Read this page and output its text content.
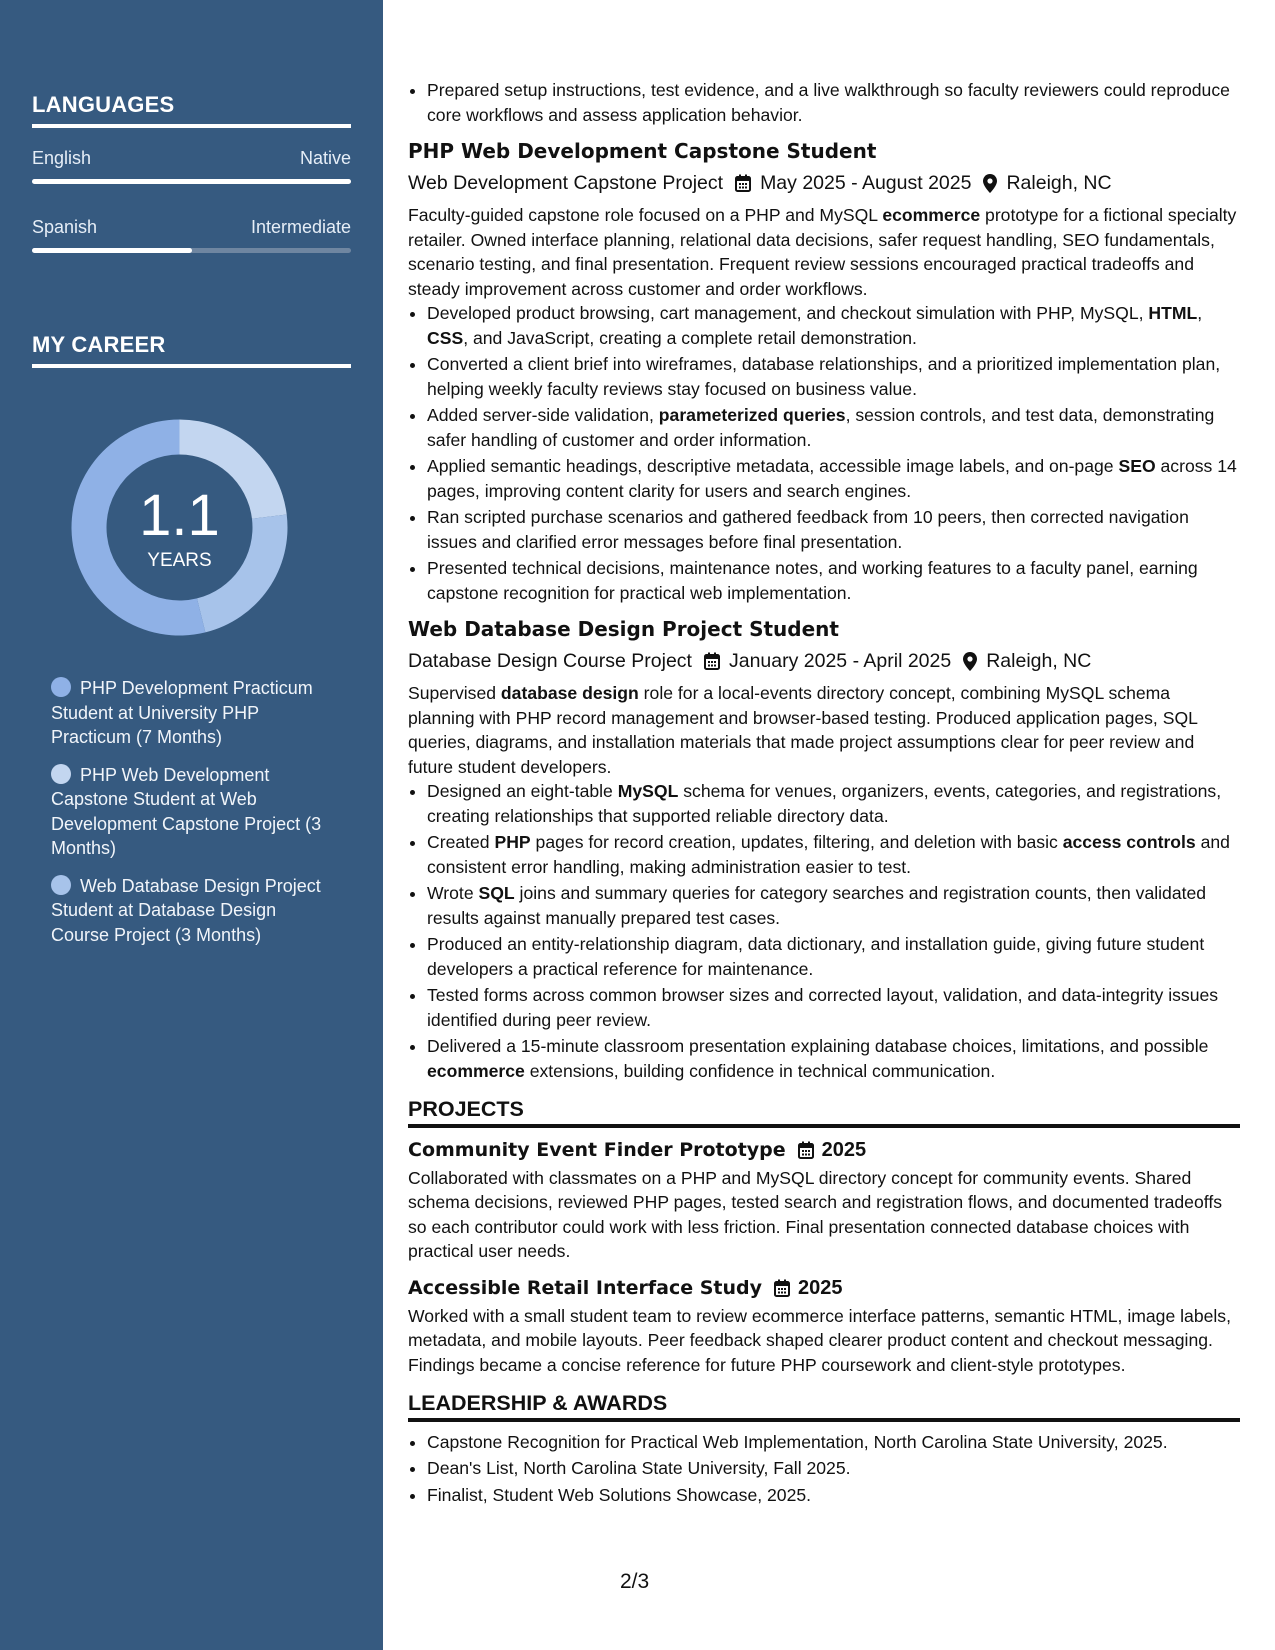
LANGUAGES
English	Native
Spanish	Intermediate
MY CAREER
1.1
YEARS
PHP Development Practicum Student at University PHP Practicum (7 Months)
PHP Web Development Capstone Student at Web Development Capstone Project (3 Months)
Web Database Design Project Student at Database Design Course Project (3 Months)
• Prepared setup instructions, test evidence, and a live walkthrough so faculty reviewers could reproduce core workflows and assess application behavior.
PHP Web Development Capstone Student
Web Development Capstone Project May 2025 - August 2025 Raleigh, NC

Faculty-guided capstone role focused on a PHP and MySQL ecommerce prototype for a fictional specialty retailer. Owned interface planning, relational data decisions, safer request handling, SEO fundamentals, scenario testing, and final presentation. Frequent review sessions encouraged practical tradeoffs and steady improvement across customer and order workflows.

• Developed product browsing, cart management, and checkout simulation with PHP, MySQL, HTML, CSS, and JavaScript, creating a complete retail demonstration.
• Converted a client brief into wireframes, database relationships, and a prioritized implementation plan, helping weekly faculty reviews stay focused on business value.
• Added server-side validation, parameterized queries, session controls, and test data, demonstrating safer handling of customer and order information.
• Applied semantic headings, descriptive metadata, accessible image labels, and on-page SEO across 14 pages, improving content clarity for users and search engines.
• Ran scripted purchase scenarios and gathered feedback from 10 peers, then corrected navigation issues and clarified error messages before final presentation.
• Presented technical decisions, maintenance notes, and working features to a faculty panel, earning capstone recognition for practical web implementation.
Web Database Design Project Student
Database Design Course Project January 2025 - April 2025 Raleigh, NC

Supervised database design role for a local-events directory concept, combining MySQL schema planning with PHP record management and browser-based testing. Produced application pages, SQL queries, diagrams, and installation materials that made project assumptions clear for peer review and future student developers.

• Designed an eight-table MySQL schema for venues, organizers, events, categories, and registrations, creating relationships that supported reliable directory data.
• Created PHP pages for record creation, updates, filtering, and deletion with basic access controls and consistent error handling, making administration easier to test.
• Wrote SQL joins and summary queries for category searches and registration counts, then validated results against manually prepared test cases.
• Produced an entity-relationship diagram, data dictionary, and installation guide, giving future student developers a practical reference for maintenance.
• Tested forms across common browser sizes and corrected layout, validation, and data-integrity issues identified during peer review.
• Delivered a 15-minute classroom presentation explaining database choices, limitations, and possible ecommerce extensions, building confidence in technical communication.
PROJECTS
Community Event Finder Prototype 2025

Collaborated with classmates on a PHP and MySQL directory concept for community events. Shared schema decisions, reviewed PHP pages, tested search and registration flows, and documented tradeoffs so each contributor could work with less friction. Final presentation connected database choices with practical user needs.

Accessible Retail Interface Study 2025

Worked with a small student team to review ecommerce interface patterns, semantic HTML, image labels, metadata, and mobile layouts. Peer feedback shaped clearer product content and checkout messaging. Findings became a concise reference for future PHP coursework and client-style prototypes.

LEADERSHIP & AWARDS
• Capstone Recognition for Practical Web Implementation, North Carolina State University, 2025.
• Dean's List, North Carolina State University, Fall 2025.
• Finalist, Student Web Solutions Showcase, 2025.
2/3
